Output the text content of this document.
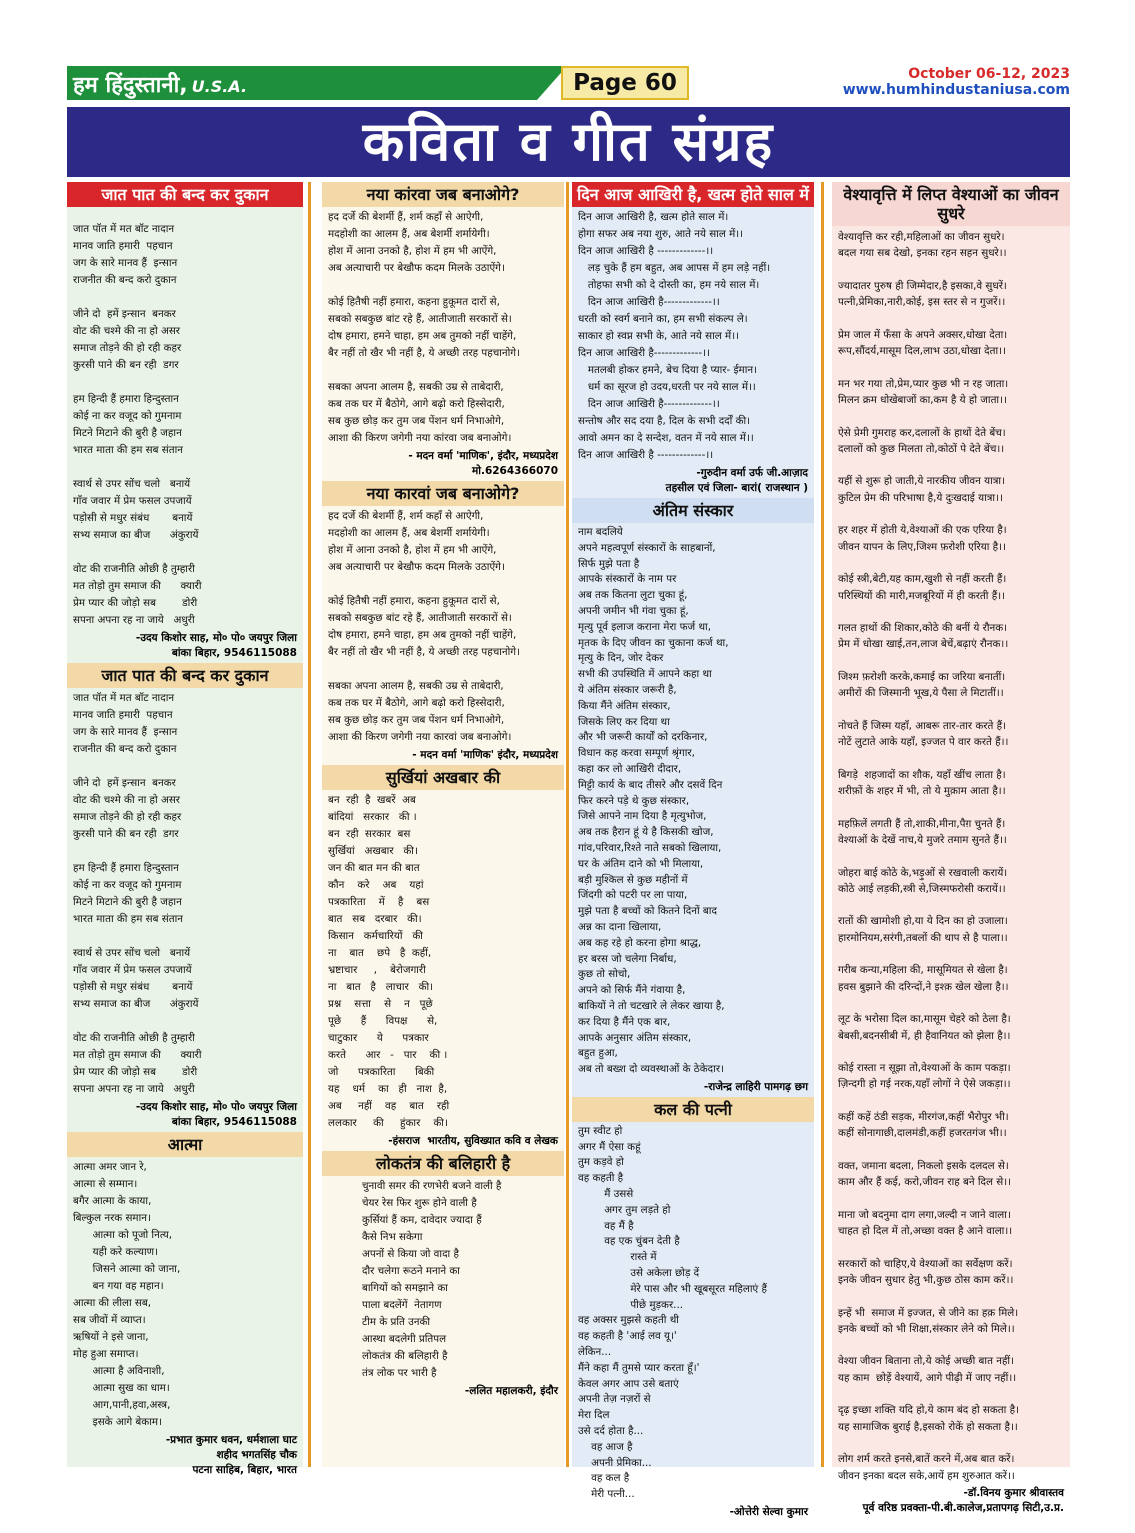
हम हिंदुस्तानी, U.S.A.	Page 60	October 06-12, 2023
www.humhindustaniusa.com
कविता व गीत संग्रह
जात पात की बन्द कर दुकान
जात पॉत में मत बॉट नादान
मानव जाति हमारी  पहचान
जग के सारे मानव हैं  इन्सान
राजनीत की बन्द करो दुकान

जीने दो  हमें इन्सान  बनकर
वोट की चश्मे की ना हो असर
समाज तोड़ने की हो रही कहर
कुरसी पाने की बन रही  डगर

हम हिन्दी हैं हमारा हिन्दुस्तान
कोई ना कर वजूद को गुमनाम
मिटने मिटाने की बुरी है जहान
भारत माता की हम सब संतान

स्वार्थ से उपर सोंच चलो   बनायें
गाँव जवार में प्रेम फसल उपजायें
पड़ोसी से मधुर संबंध       बनायें
सभ्य समाज का बीज      अंकुरायें

वोट की राजनीति ओछी है तुम्हारी
मत तोड़ो तुम समाज की      क्यारी
प्रेम प्यार की जोड़ो सब        डोरी
सपना अपना रह ना जाये   अधुरी
-उदय किशोर साह, मो० पो० जयपुर जिला
बांका बिहार, 9546115088
जात पात की बन्द कर दुकान
जात पॉत में मत बॉट नादान
मानव जाति हमारी  पहचान
जग के सारे मानव हैं  इन्सान
राजनीत की बन्द करो दुकान

जीने दो  हमें इन्सान  बनकर
वोट की चश्मे की ना हो असर
समाज तोड़ने की हो रही कहर
कुरसी पाने की बन रही  डगर

हम हिन्दी हैं हमारा हिन्दुस्तान
कोई ना कर वजूद को गुमनाम
मिटने मिटाने की बुरी है जहान
भारत माता की हम सब संतान

स्वार्थ से उपर सोंच चलो   बनायें
गाँव जवार में प्रेम फसल उपजायें
पड़ोसी से मधुर संबंध       बनायें
सभ्य समाज का बीज      अंकुरायें

वोट की राजनीति ओछी है तुम्हारी
मत तोड़ो तुम समाज की      क्यारी
प्रेम प्यार की जोड़ो सब        डोरी
सपना अपना रह ना जाये   अधुरी
-उदय किशोर साह, मो० पो० जयपुर जिला
बांका बिहार, 9546115088
आत्मा
आत्मा अमर जान रे,
आत्मा से सम्मान।
बगैर आत्मा के काया,
बिल्कुल नरक समान।
आत्मा को पूजो नित्य,
यही करे कल्याण।
जिसने आत्मा को जाना,
बन गया वह महान।
आत्मा की लीला सब,
सब जीवों में व्याप्त।
ऋषियों ने इसे जाना,
मोह हुआ समाप्त।
आत्मा है अविनाशी,
आत्मा सुख का धाम।
आग,पानी,हवा,अस्त्र,
इसके आगे बेकाम।
-प्रभात कुमार धवन, धर्मशाला घाट
शहीद भगतसिंह चौक
पटना साहिब, बिहार, भारत
नया कांरवा जब बनाओगे?
हद दर्जे की बेशर्मी हैं, शर्म कहाँ से आऐगी,
मदहोशी का आलम हैं, अब बेशर्मी शर्मायेगी।
होश में आना उनको है, होश में हम भी आऐंगे,
अब अत्याचारी पर बेखौफ कदम मिलके उठाऐंगे।

कोई हितैषी नहीं हमारा, कहना हुकूमत दारों से,
सबको सबकुछ बांट रहे हैं, आतीजाती सरकारों से।
दोष हमारा, हमने चाहा, हम अब तुमको नहीं चाहेंगे,
बैर नहीं तो खैर भी नहीं है, ये अच्छी तरह पहचानोगे।

सबका अपना आलम है, सबकी उम्र से ताबेदारी,
कब तक घर में बैठोगे, आगे बढ़ो करो हिस्सेदारी,
सब कुछ छोड़ कर तुम जब पेंशन धर्म निभाओगे,
आशा की किरण जगेगी नया कांरवा जब बनाओगे।
- मदन वर्मा 'माणिक', इंदौर, मध्यप्रदेश
मो.6264366070
नया कारवां जब बनाओगे?
हद दर्जे की बेशर्मी हैं, शर्म कहाँ से आऐगी,
मदहोशी का आलम हैं, अब बेशर्मी शर्मायेगी।
होश में आना उनको है, होश में हम भी आऐंगे,
अब अत्याचारी पर बेखौफ कदम मिलके उठाऐंगे।

कोई हितैषी नहीं हमारा, कहना हुकूमत दारों से,
सबको सबकुछ बांट रहे हैं, आतीजाती सरकारों से।
दोष हमारा, हमने चाहा, हम अब तुमको नहीं चाहेंगे,
बैर नहीं तो खैर भी नहीं है, ये अच्छी तरह पहचानोगे।

सबका अपना आलम है, सबकी उम्र से ताबेदारी,
कब तक घर में बैठोगे, आगे बढ़ो करो हिस्सेदारी,
सब कुछ छोड़ कर तुम जब पेंशन धर्म निभाओगे,
आशा की किरण जगेगी नया कारवां जब बनाओगे।
- मदन वर्मा 'माणिक' इंदौर, मध्यप्रदेश
सुर्खियां अखबार की
बन  रही  है  खबरें  अब
बांदियां   सरकार   की ।
बन  रही  सरकार  बस
सुर्खियां   अखबार   की।
जन की बात मन की बात
कौन    करे    अब    यहां
पत्रकारिता    में    है    बस
बात   सब   दरबार   की।
किसान   कर्मचारियों   की
ना    बात    छपे   है  कहीं,
भ्रष्टाचार     ,    बेरोजगारी
ना   बात   है   लाचार   की।
प्रश्न    सत्ता    से    न   पूछे
पूछे      हैं      विपक्ष      से,
चाटुकार      ये      पत्रकार
करते      आर   -   पार    की ।
जो      पत्रकारिता      बिकी
यह    धर्म    का   ही   नाश  है,
अब     नहीं    वह    बात    रही
ललकार     की     हुंकार    की।
-हंसराज  भारतीय, सुविख्यात कवि व लेखक
लोकतंत्र की बलिहारी है
चुनावी समर की रणभेरी बजने वाली है
चेयर रेस फिर शुरू होने वाली है
कुर्सियां हैं कम, दावेदार ज्यादा हैं
कैसे निभ सकेगा
अपनों से किया जो वादा है
दौर चलेगा रूठने मनाने का
बागियों को समझाने का
पाला बदलेंगें  नेतागण
टीम के प्रति उनकी
आस्था बदलेगी प्रतिपल
लोकतंत्र की बलिहारी है
तंत्र लोक पर भारी है
-ललित महालकरी, इंदौर
दिन आज आखिरी है, खत्म होते साल में
दिन आज आखिरी है, खत्म होते साल में।
होगा सफर अब नया शुरु, आते नये साल में।।
दिन आज आखिरी है -------------।।
लड़ चुके हैं हम बहुत, अब आपस में हम लड़े नहीं।
तोहफा सभी को दे दोस्ती का, हम नये साल में।
दिन आज आखिरी है-------------।।
धरती को स्वर्ग बनाने का, हम सभी संकल्प ले।
साकार हो स्वप्न सभी के, आते नये साल में।।
दिन आज आखिरी है-------------।।
मतलबी होकर हमने, बेच दिया है प्यार- ईमान।
धर्म का सूरज हो उदय,धरती पर नये साल में।।
दिन आज आखिरी है-------------।।
सन्तोष और सद दया है, दिल के सभी दर्दों की।
आवो अमन का दे सन्देश, वतन में नये साल में।।
दिन आज आखिरी है -------------।।
-गुरुदीन वर्मा उर्फ जी.आज़ाद
तहसील एवं जिला- बारां( राजस्थान )
अंतिम संस्कार
नाम बदलिये
अपने महत्वपूर्ण संस्कारों के साहबानों,
सिर्फ मुझे पता है
आपके संस्कारों के नाम पर
अब तक कितना लुटा चुका हूं,
अपनी जमीन भी गंवा चुका हूं,
मृत्यु पूर्व इलाज कराना मेरा फर्ज था,
मृतक के दिए जीवन का चुकाना कर्ज था,
मृत्यु के दिन, जोर देकर
सभी की उपस्थिति में आपने कहा था
ये अंतिम संस्कार जरूरी है,
किया मैंने अंतिम संस्कार,
जिसके लिए कर दिया था
और भी जरूरी कार्यों को दरकिनार,
विधान कह करवा सम्पूर्ण श्रृंगार,
कहा कर लो आखिरी दीदार,
मिट्टी कार्य के बाद तीसरे और दसवें दिन
फिर करने पड़े थे कुछ संस्कार,
जिसे आपने नाम दिया है मृत्युभोज,
अब तक हैरान हूं ये है किसकी खोज,
गांव,परिवार,रिश्ते नाते सबको खिलाया,
घर के अंतिम दाने को भी मिलाया,
बड़ी मुश्किल से कुछ महीनों में
जिंदगी को पटरी पर ला पाया,
मुझे पता है बच्चों को कितने दिनों बाद
अन्न का दाना खिलाया,
अब कह रहे हो करना होगा श्राद्ध,
हर बरस जो चलेगा निर्बाध,
कुछ तो सोचो,
अपने को सिर्फ मैंने गंवाया है,
बाकियों ने तो चटखारे ले लेकर खाया है,
कर दिया है मैंने एक बार,
आपके अनुसार अंतिम संस्कार,
बहुत हुआ,
अब तो बख्श दो व्यवस्थाओं के ठेकेदार।
-राजेन्द्र लाहिरी पामगढ़ छग
कल की पत्नी
तुम स्वीट हो
अगर मैं ऐसा कहूं
तुम कड़वे हो
वह कहती है
मैं उससे
अगर तुम लड़ते हो
वह मैं है
वह एक चुंबन देती है
रास्ते में
उसे अकेला छोड़ दें
मेरे पास और भी खूबसूरत महिलाएं हैं
पीछे मुड़कर...
वह अक्सर मुझसे कहती थी
वह कहती है 'आई लव यू।'
लेकिन...
मैंने कहा मैं तुमसे प्यार करता हूँ।'
केवल अगर आप उसे बताएं
अपनी तेज़ नज़रों से
मेरा दिल
उसे दर्द होता है...
वह आज है
अपनी प्रेमिका...
वह कल है
मेरी पत्नी...
-ओत्तेरी सेल्वा कुमार
वेश्यावृत्ति में लिप्त वेश्याओं का जीवन सुधरे
वेश्यावृत्ति कर रही,महिलाओं का जीवन सुधरे।
बदल गया सब देखो, इनका रहन सहन सुधरे।।

ज्यादातर पुरुष ही जिम्मेदार,है इसका,वे सुधरें।
पत्नी,प्रेमिका,नारी,कोई, इस स्तर से न गुजरें।।

प्रेम जाल में फँसा के अपने अक्सर,धोखा देता।
रूप,सौंदर्य,मासूम दिल,लाभ उठा,धोखा देता।।

मन भर गया तो,प्रेम,प्यार कुछ भी न रह जाता।
मिलन क्रम धोखेबाजों का,कम है ये हो जाता।।

ऐसे प्रेमी गुमराह कर,दलालों के हाथों देते बेंच।
दलालों को कुछ मिलता तो,कोठों पे देते बेंच।।

यहीं से शुरू हो जाती,ये नारकीय जीवन यात्रा।
कुटिल प्रेम की परिभाषा है,ये दुःखदाई यात्रा।।

हर शहर में होती ये,वेश्याओं की एक एरिया है।
जीवन यापन के लिए,जिश्म फ़रोशी एरिया है।।

कोई स्त्री,बेटी,यह काम,खुशी से नहीं करती हैं।
परिस्थियों की मारी,मजबूरियों में ही करती हैं।।

गलत हाथों की शिकार,कोठे की बनीं ये रौनक।
प्रेम में धोखा खाई,तन,लाज बेचें,बढ़ाएं रौनक।।

जिश्म फ़रोशी करके,कमाई का जरिया बनातीं।
अमीरों की जिस्मानी भूख,ये पैसा ले मिटातीं।।

नोचते हैं जिस्म यहाँ, आबरू तार-तार करते हैं।
नोटें लुटाते आके यहाँ, इज्जत पे वार करते हैं।।

बिगड़े  शहजादों का शौक, यहाँ खींच लाता है।
शरीफ़ों के शहर में भी, तो ये मुक़ाम आता है।।

महफ़िलें लगती हैं तो,शाकी,मीना,पैग़ चुनते हैं।
वेश्याओं के देखें नाच,ये मुजरे तमाम सुनते हैं।।

जोहरा बाई कोठे के,भड़ुओं से रखवाली करायें।
कोठे आई लड़की,स्त्री से,जिस्मफरोसी करायें।।

रातों की खामोशी हो,या ये दिन का हो उजाला।
हारमोनियम,सरंगी,तबलों की थाप से है पाला।।

गरीब कन्या,महिला की, मासूमियत से खेला है।
हवस बुझाने की दरिन्दों,ने इश्क़ खेल खेला है।।

लूट के भरोसा दिल का,मासूम चेहरे को ठेला है।
बेबसी,बदनसीबी में, ही हैवानियत को झेला है।।

कोई रास्ता न सूझा तो,वेश्याओं के काम पकड़ा।
ज़िन्दगी हो गई नरक,यहाँ लोगों ने ऐसे जकड़ा।।

कहीं कहें ठंडी सड़क, मीरगंज,कहीं भैरोपुर भी।
कहीं सोनागाछी,दालमंडी,कहीं हजरतगंज भी।।

वक्त, जमाना बदला, निकलो इसके दलदल से।
काम और हैं कई, करो,जीवन राह बने दिल से।।

माना जो बदनुमा दाग लगा,जल्दी न जाने वाला।
चाहत हो दिल में तो,अच्छा वक्त है आने वाला।।

सरकारों को चाहिए,ये वेश्याओं का सर्वेक्षण करें।
इनके जीवन सुधार हेतु भी,कुछ ठोस काम करें।।

इन्हें भी  समाज में इज्जत, से जीने का हक़ मिले।
इनके बच्चों को भी शिक्षा,संस्कार लेने को मिले।।

वेश्या जीवन बिताना तो,ये कोई अच्छी बात नहीं।
यह काम  छोड़ें वेश्यायें, आगे पीढ़ी में जाए नहीं।।

दृढ़ इच्छा शक्ति यदि हो,ये काम बंद हो सकता है।
यह सामाजिक बुराई है,इसको रोकें हो सकता है।।

लोग शर्म करते इनसे,बातें करने में,अब बात करें।
जीवन इनका बदल सके,आयें हम शुरुआत करें।।
-डॉ.विनय कुमार श्रीवास्तव
पूर्व वरिष्ठ प्रवक्ता-पी.बी.कालेज,प्रतापगढ़ सिटी,उ.प्र.
